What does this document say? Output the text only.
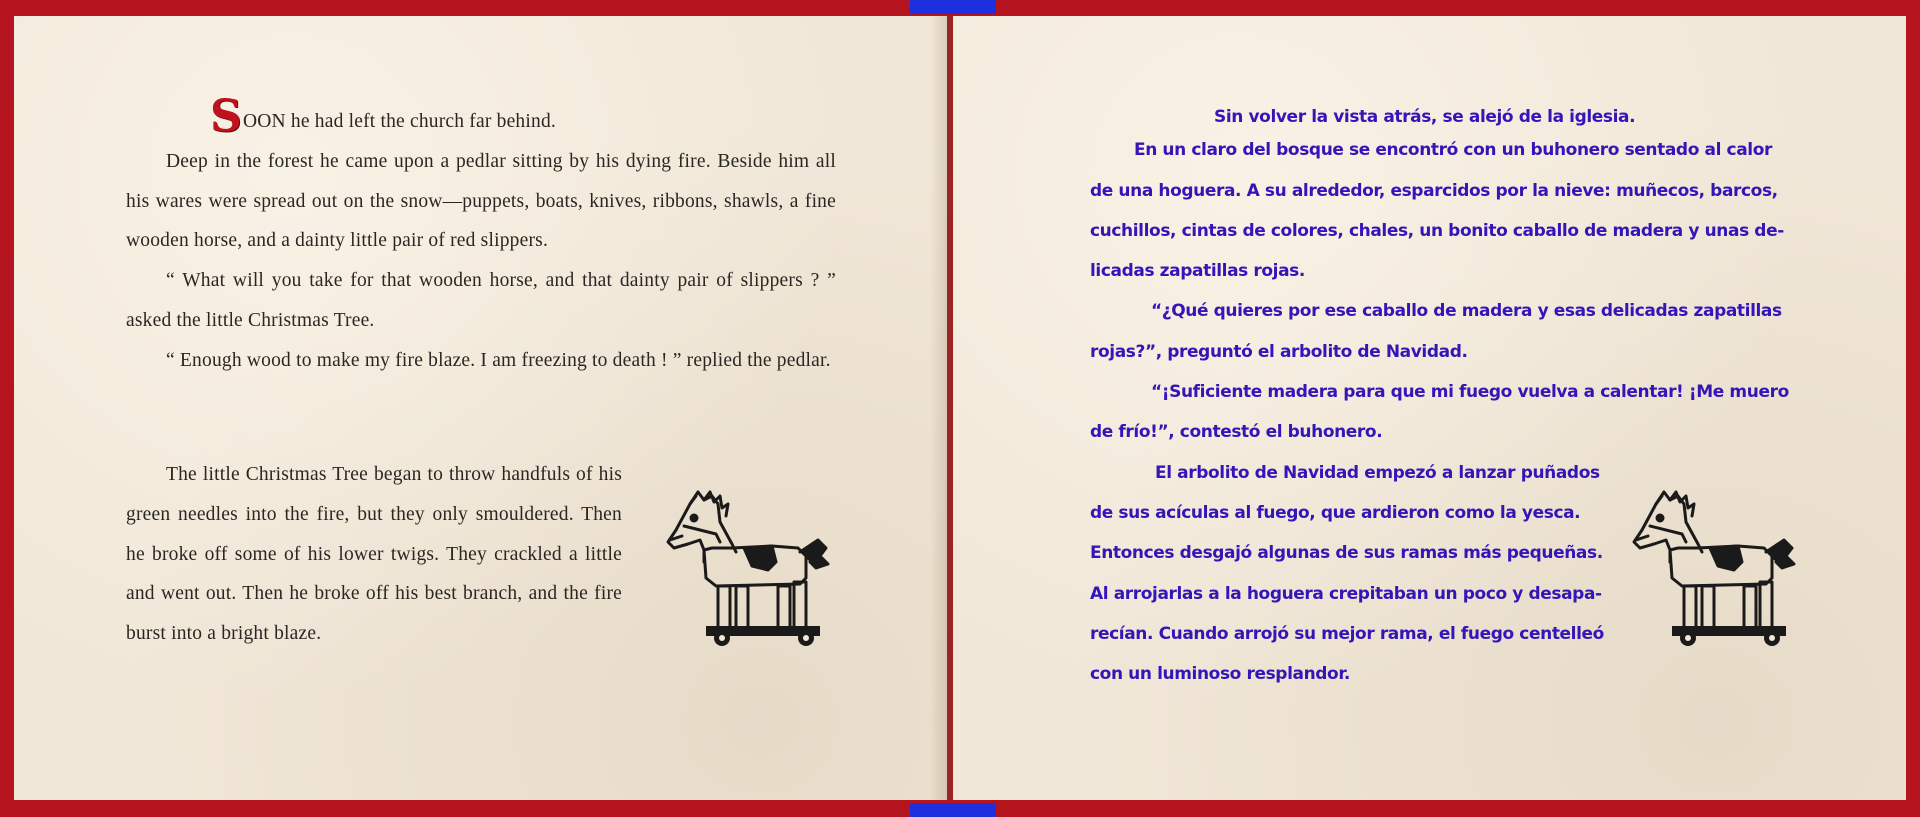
SOON he had left the church far behind.

Deep in the forest he came upon a pedlar sitting by his dying fire. Beside him all his wares were spread out on the snow—puppets, boats, knives, ribbons, shawls, a fine wooden horse, and a dainty little pair of red slippers.

“ What will you take for that wooden horse, and that dainty pair of slippers ? ” asked the little Christmas Tree.

“ Enough wood to make my fire blaze. I am freezing to death ! ” replied the pedlar.

The little Christmas Tree began to throw handfuls of his green needles into the fire, but they only smouldered. Then he broke off some of his lower twigs. They crackled a little and went out. Then he broke off his best branch, and the fire burst into a bright blaze.

Sin volver la vista atrás, se alejó de la iglesia.

En un claro del bosque se encontró con un buhonero sentado al calor

de una hoguera. A su alrededor, esparcidos por la nieve: muñecos, barcos,

cuchillos, cintas de colores, chales, un bonito caballo de madera y unas de-

licadas zapatillas rojas.

“¿Qué quieres por ese caballo de madera y esas delicadas zapatillas

rojas?”, preguntó el arbolito de Navidad.

“¡Suficiente madera para que mi fuego vuelva a calentar! ¡Me muero

de frío!”, contestó el buhonero.

El arbolito de Navidad empezó a lanzar puñados

de sus acículas al fuego, que ardieron como la yesca.

Entonces desgajó algunas de sus ramas más pequeñas.

Al arrojarlas a la hoguera crepitaban un poco y desapa-

recían. Cuando arrojó su mejor rama, el fuego centelleó

con un luminoso resplandor.
